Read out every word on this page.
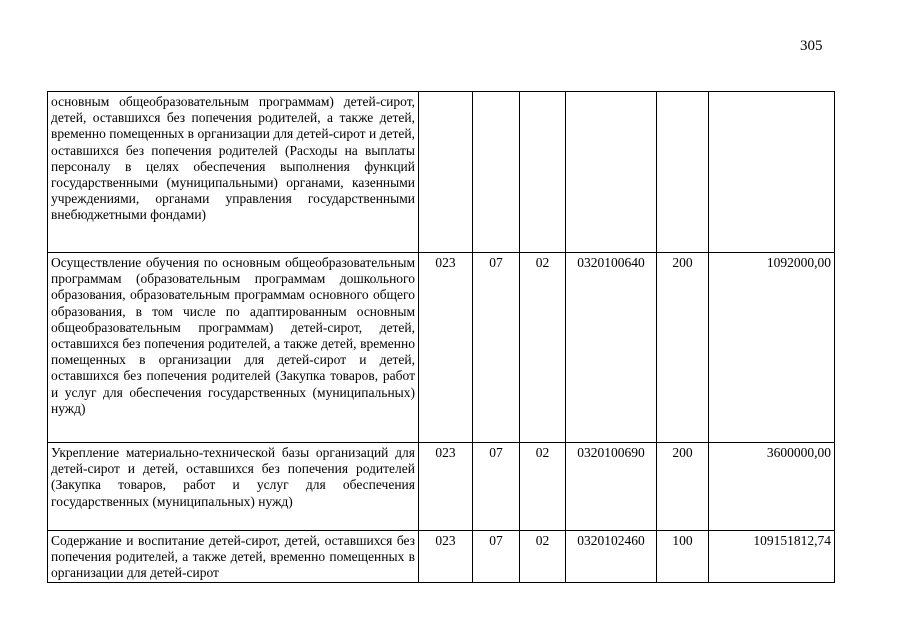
305
основным общеобразовательным программам) детей-сирот, детей, оставшихся без попечения родителей, а также детей, временно помещенных в организации для детей-сирот и детей, оставшихся без попечения родителей (Расходы на выплаты персоналу в целях обеспечения выполнения функций государственными (муниципальными) органами, казенными учреждениями, органами управления государственными внебюджетными фондами)						
Осуществление обучения по основным общеобразовательным программам (образовательным программам дошкольного образования, образовательным программам основного общего образования, в том числе по адаптированным основным общеобразовательным программам) детей-сирот, детей, оставшихся без попечения родителей, а также детей, временно помещенных в организации для детей-сирот и детей, оставшихся без попечения родителей (Закупка товаров, работ и услуг для обеспечения государственных (муниципальных) нужд)	023	07	02	0320100640	200	1092000,00
Укрепление материально-технической базы организаций для детей-сирот и детей, оставшихся без попечения родителей (Закупка товаров, работ и услуг для обеспечения государственных (муниципальных) нужд)	023	07	02	0320100690	200	3600000,00
Содержание и воспитание детей-сирот, детей, оставшихся без попечения родителей, а также детей, временно помещенных в организации для детей-сирот	023	07	02	0320102460	100	109151812,74
